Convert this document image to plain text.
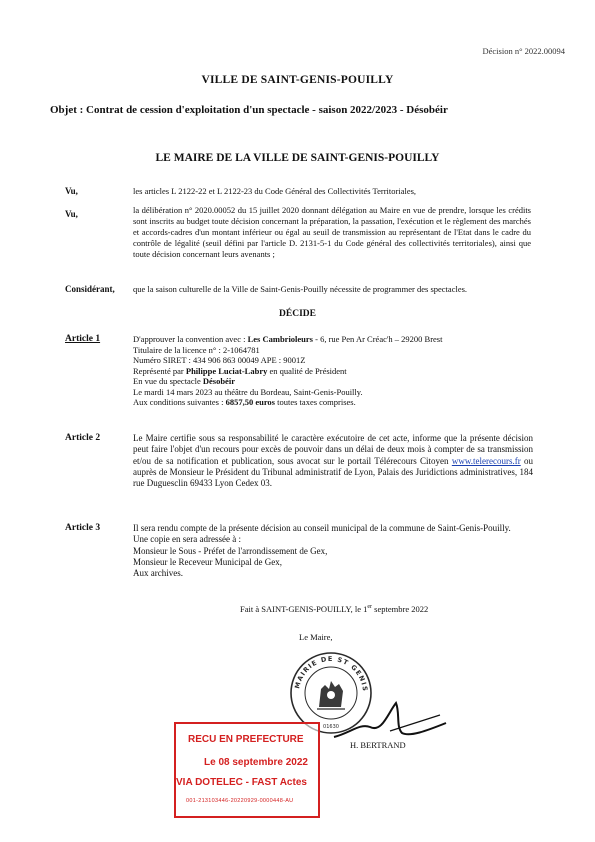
Décision n° 2022.00094
VILLE DE SAINT-GENIS-POUILLY
Objet : Contrat de cession d'exploitation d'un spectacle - saison 2022/2023 - Désobéir
LE MAIRE DE LA VILLE DE SAINT-GENIS-POUILLY
Vu,	les articles L 2122-22 et L 2122-23 du Code Général des Collectivités Territoriales,
Vu,	la délibération n° 2020.00052 du 15 juillet 2020 donnant délégation au Maire en vue de prendre, lorsque les crédits sont inscrits au budget toute décision concernant la préparation, la passation, l'exécution et le règlement des marchés et accords-cadres d'un montant inférieur ou égal au seuil de transmission au représentant de l'Etat dans le cadre du contrôle de légalité (seuil défini par l'article D. 2131-5-1 du Code général des collectivités territoriales), ainsi que toute décision concernant leurs avenants ;
Considérant, que la saison culturelle de la Ville de Saint-Genis-Pouilly nécessite de programmer des spectacles.
DÉCIDE
Article 1	D'approuver la convention avec : Les Cambrioleurs - 6, rue Pen Ar Créac'h – 29200 Brest
Titulaire de la licence n° : 2-1064781
Numéro SIRET : 434 906 863 00049 APE : 9001Z
Représenté par Philippe Luciat-Labry en qualité de Président
En vue du spectacle Désobéir
Le mardi 14 mars 2023 au théâtre du Bordeau, Saint-Genis-Pouilly.
Aux conditions suivantes : 6857,50 euros toutes taxes comprises.
Article 2	Le Maire certifie sous sa responsabilité le caractère exécutoire de cet acte, informe que la présente décision peut faire l'objet d'un recours pour excès de pouvoir dans un délai de deux mois à compter de sa transmission et/ou de sa notification et publication, sous avocat sur le portail Télérecours Citoyen www.telerecours.fr ou auprès de Monsieur le Président du Tribunal administratif de Lyon, Palais des Juridictions administratives, 184 rue Duguesclin 69433 Lyon Cedex 03.
Article 3	Il sera rendu compte de la présente décision au conseil municipal de la commune de Saint-Genis-Pouilly.
Une copie en sera adressée à :
Monsieur le Sous - Préfet de l'arrondissement de Gex,
Monsieur le Receveur Municipal de Gex,
Aux archives.
Fait à SAINT-GENIS-POUILLY, le 1er septembre 2022
Le Maire,
MAIRIE DE ST GENIS
01630
H. BERTRAND
RECU EN PREFECTURE
Le 08 septembre 2022
VIA DOTELEC - FAST Actes
001-213103446-20220929-0000448-AU
